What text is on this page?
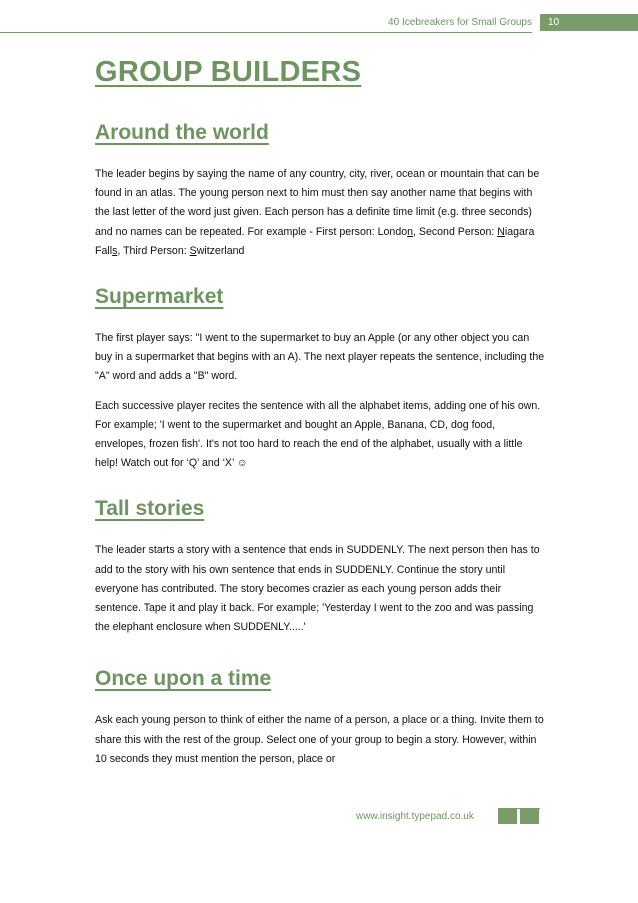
40 Icebreakers for Small Groups	10
GROUP BUILDERS
Around the world

The leader begins by saying the name of any country, city, river, ocean or mountain that can be found in an atlas. The young person next to him must then say another name that begins with the last letter of the word just given. Each person has a definite time limit (e.g. three seconds) and no names can be repeated. For example - First person: London, Second Person: Niagara Falls, Third Person: Switzerland

Supermarket

The first player says: "I went to the supermarket to buy an Apple (or any other object you can buy in a supermarket that begins with an A). The next player repeats the sentence, including the "A" word and adds a "B" word.

Each successive player recites the sentence with all the alphabet items, adding one of his own. For example; 'I went to the supermarket and bought an Apple, Banana, CD, dog food, envelopes, frozen fish'. It's not too hard to reach the end of the alphabet, usually with a little help! Watch out for ‘Q’ and ‘X’ ☺

Tall stories

The leader starts a story with a sentence that ends in SUDDENLY. The next person then has to add to the story with his own sentence that ends in SUDDENLY. Continue the story until everyone has contributed. The story becomes crazier as each young person adds their sentence. Tape it and play it back. For example; 'Yesterday I went to the zoo and was passing the elephant enclosure when SUDDENLY.....'

Once upon a time

Ask each young person to think of either the name of a person, a place or a thing. Invite them to share this with the rest of the group. Select one of your group to begin a story. However, within 10 seconds they must mention the person, place or

www.insight.typepad.co.uk
